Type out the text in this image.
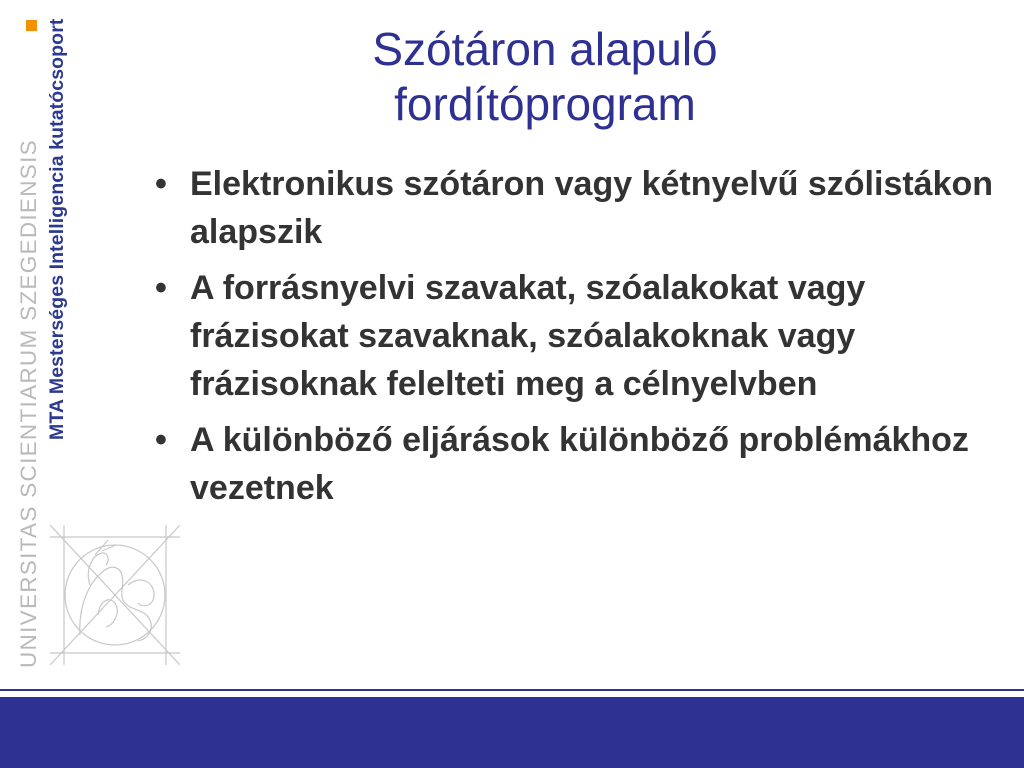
MTA Mesterséges Intelligencia kutatócsoport
UNIVERSITAS SCIENTIARUM SZEGEDIENSIS
Szótáron alapuló fordítóprogram
• Elektronikus szótáron vagy kétnyelvű szólistákon alapszik
• A forrásnyelvi szavakat, szóalakokat vagy frázisokat szavaknak, szóalakoknak vagy frázisoknak felelteti meg a célnyelvben
• A különböző eljárások különböző problémákhoz vezetnek
